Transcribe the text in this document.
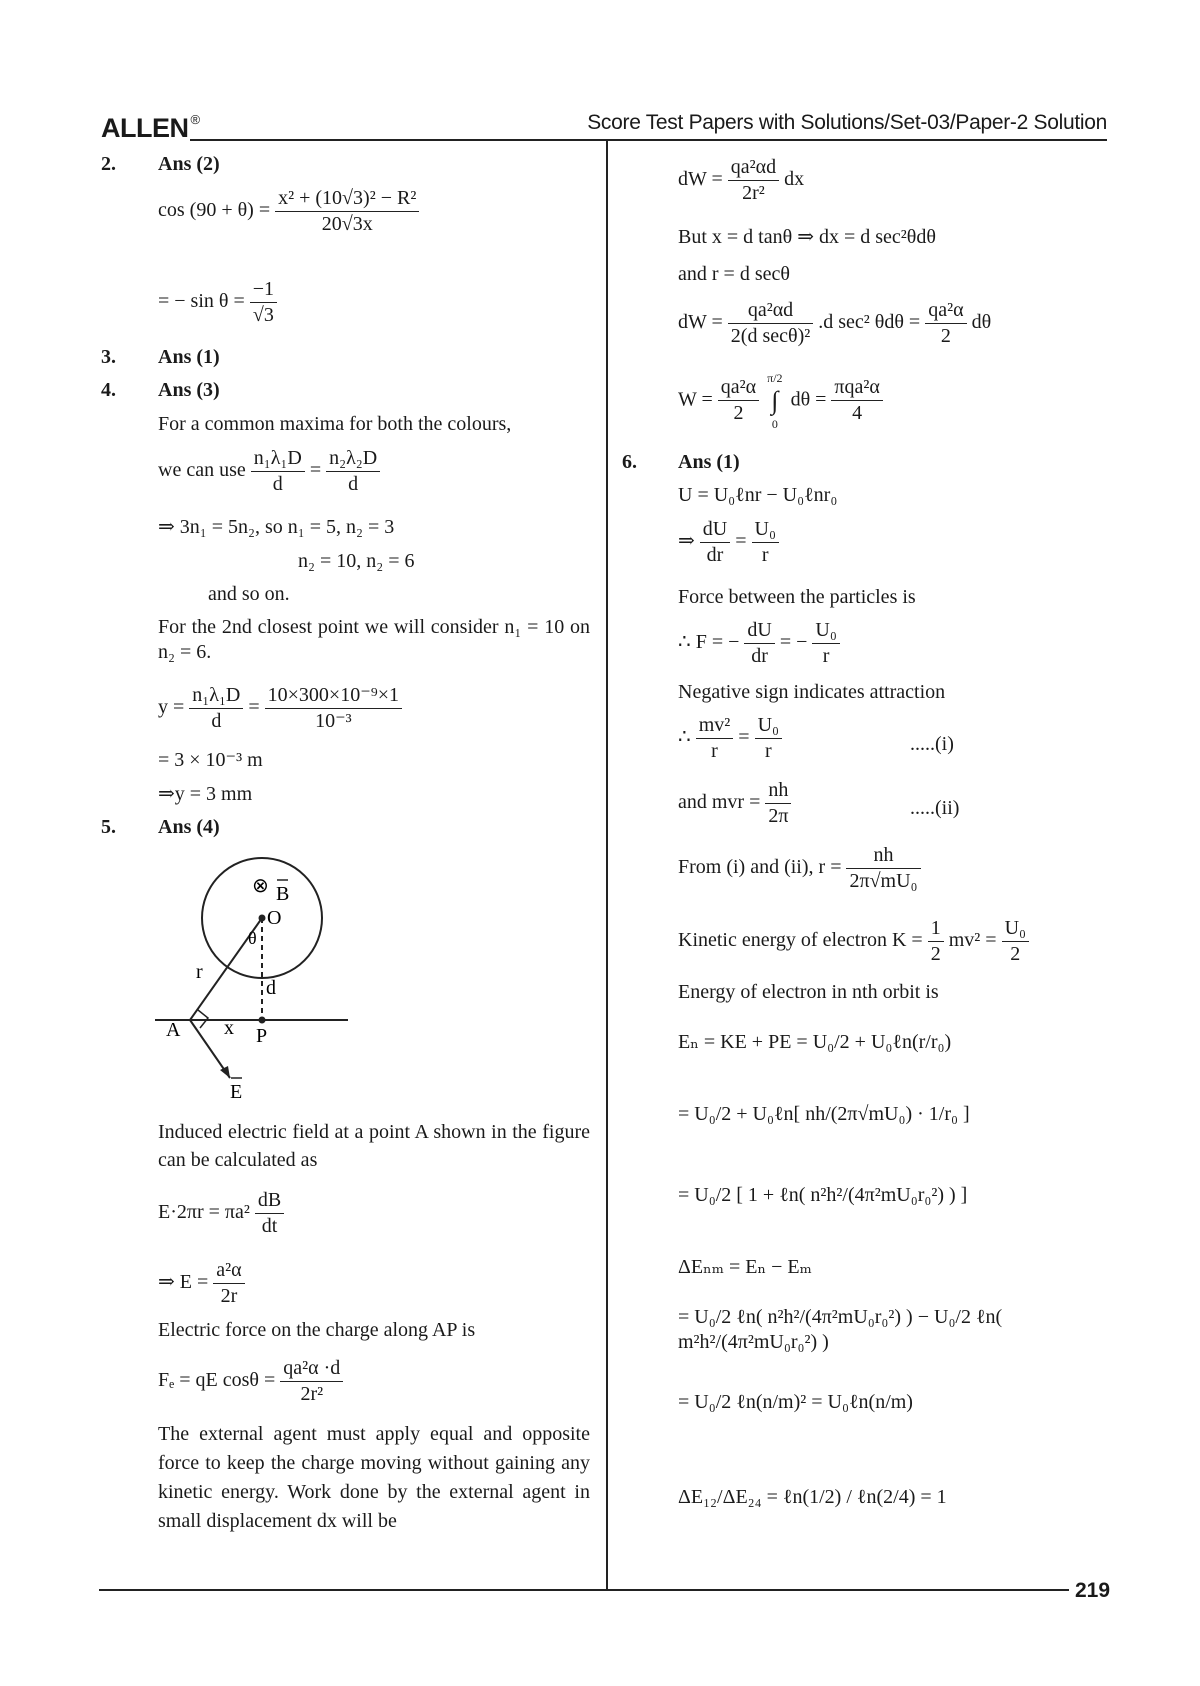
ALLEN ®	Score Test Papers with Solutions/Set-03/Paper-2 Solution
219
2. Ans (2)
$\cos (90 + \theta) = \frac{\text{x² + (10√3)² − R²}}{20√3x}$
= − $\sin \theta = \frac{-1}{√3}$
3. Ans (1)
4. Ans (3)
For a common maxima for both the colours,
we can use $\frac{\text{n₁λ₁D}}{d} = \frac{\text{n₂λ₂D}}{d}$
⇒ 3n₁ = 5n₂, so n₁ = 5, n₂ = 3
n₂ = 10, n₂ = 6
and so on.
For the 2nd closest point we will consider n₁ = 10 on n₂ = 6.
$y = \frac{\text{n₁λ₁D}}{d} = \frac{\text{10×300×10⁻⁹×1}}{\text{10⁻³}}$
= 3 × 10⁻³ m
⇒y = 3 mm
5. Ans (4)
⊗ B
O
θ
r
d
A x P
E
Induced electric field at a point A shown in the figure can be calculated as
$E\cdot 2\pi r = \pi a^2 \frac{dB}{dt}$
⇒ $E = \frac{\text{a²α}}{2r}$
Electric force on the charge along AP is
Fₑ = qE $\cos\theta = \frac{\text{qa²α ·d}}{\text{2r²}}$
The external agent must apply equal and opposite force to keep the charge moving without gaining any kinetic energy. Work done by the external agent in small displacement dx will be
dW = $\frac{\text{qa²αd}}{\text{2r²}}$ dx
But x = d tanθ ⇒ dx = d sec²θdθ
and r = d secθ
dW = $\frac{\text{qa²αd}}{\text{2(d secθ)²}} .d$ sec² $\theta d\theta = \frac{\text{qa²α}}{2}$ dθ
$W = \frac{\text{qa²α}}{2}$
π/2
∫
0
$d\theta = \frac{\text{πqa²α}}{4}$
6. Ans (1)
U = U₀ℓnr − U₀ℓnr₀
⇒ $\frac{dU}{dr} = \frac{\text{U₀}}{r}$
Force between the particles is
∴ F = − $\frac{dU}{dr}$ = − $\frac{\text{U₀}}{r}$
Negative sign indicates attraction
∴ $\frac{\text{mv²}}{r} = \frac{\text{U₀}}{r}$	.....(i)
and mvr = $\frac{nh}{2\pi}$	.....(ii)
From (i) and (ii), $r = \frac{nh}{\text{2π√mU₀}}$
Kinetic energy of electron $K = \frac{1}{2} mv^2 = \frac{\text{U₀}}{2}$
Energy of electron in nth orbit is
Eₙ = KE + PE = U₀/2 + U₀ℓn(r/r₀)
= U₀/2 + U₀ℓn[ nh/(2π√mU₀) · 1/r₀ ]
= U₀/2 [ 1 + ℓn( n²h²/(4π²mU₀r₀²) ) ]
ΔEₙₘ = Eₙ − Eₘ
= U₀/2 ℓn( n²h²/(4π²mU₀r₀²) ) − U₀/2 ℓn( m²h²/(4π²mU₀r₀²) )
= U₀/2 ℓn(n/m)² = U₀ℓn(n/m)
ΔE₁₂/ΔE₂₄ = ℓn(1/2) / ℓn(2/4) = 1
